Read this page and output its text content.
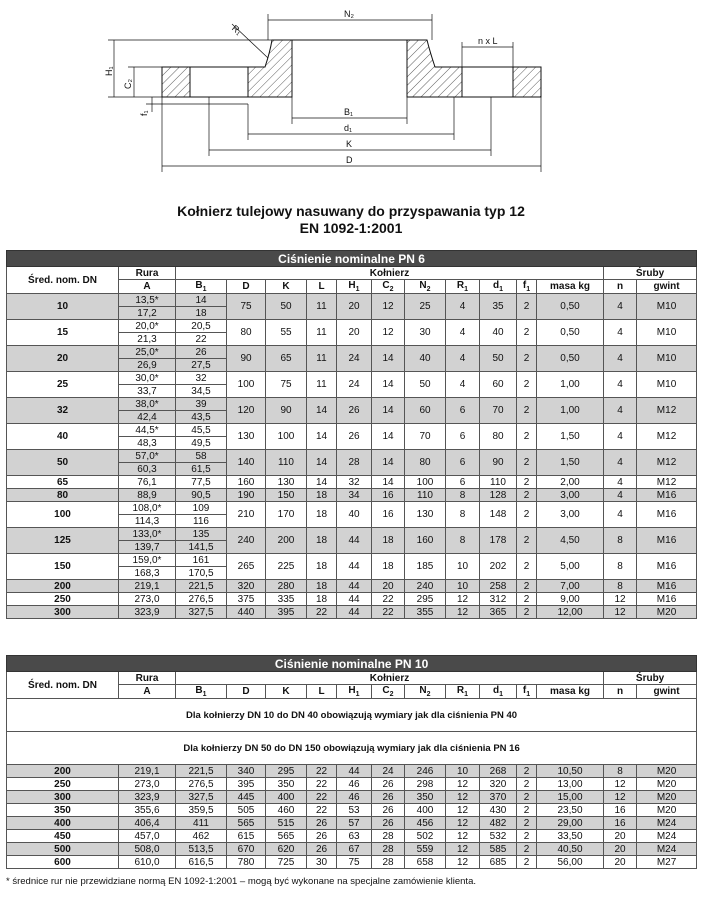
N₂
n x L
R₁
H₁
C₂
f₁	B₁
d₁
K
D
Kołnierz tulejowy nasuwany do przyspawania typ 12
EN 1092-1:2001
Ciśnienie nominalne PN 6														
Śred. nom. DN	Rura	Kołnierz											Śruby	
	A	$B_1$	D	K	L	$H_1$	$C_2$	$N_2$	$R_1$	$d_1$	$f_1$	masa kg	n	gwint
10	13,5*	14	75	50	11	20	12	25	4	35	2	0,50	4	M10
	17,2	18												
15	20,0*	20,5	80	55	11	20	12	30	4	40	2	0,50	4	M10
	21,3	22												
20	25,0*	26	90	65	11	24	14	40	4	50	2	0,50	4	M10
	26,9	27,5												
25	30,0*	32	100	75	11	24	14	50	4	60	2	1,00	4	M10
	33,7	34,5												
32	38,0*	39	120	90	14	26	14	60	6	70	2	1,00	4	M12
	42,4	43,5												
40	44,5*	45,5	130	100	14	26	14	70	6	80	2	1,50	4	M12
	48,3	49,5												
50	57,0*	58	140	110	14	28	14	80	6	90	2	1,50	4	M12
	60,3	61,5												
65	76,1	77,5	160	130	14	32	14	100	6	110	2	2,00	4	M12
80	88,9	90,5	190	150	18	34	16	110	8	128	2	3,00	4	M16
100	108,0*	109	210	170	18	40	16	130	8	148	2	3,00	4	M16
	114,3	116												
125	133,0*	135	240	200	18	44	18	160	8	178	2	4,50	8	M16
	139,7	141,5												
150	159,0*	161	265	225	18	44	18	185	10	202	2	5,00	8	M16
	168,3	170,5												
200	219,1	221,5	320	280	18	44	20	240	10	258	2	7,00	8	M16
250	273,0	276,5	375	335	18	44	22	295	12	312	2	9,00	12	M16
300	323,9	327,5	440	395	22	44	22	355	12	365	2	12,00	12	M20
Ciśnienie nominalne PN 10														
Śred. nom. DN	Rura	Kołnierz											Śruby	
	A	$B_1$	D	K	L	$H_1$	$C_2$	$N_2$	$R_1$	$d_1$	$f_1$	masa kg	n	gwint
Dla kołnierzy DN 10 do DN 40 obowiązują wymiary jak dla ciśnienia PN 40														
Dla kołnierzy DN 50 do DN 150 obowiązują wymiary jak dla ciśnienia PN 16														
200	219,1	221,5	340	295	22	44	24	246	10	268	2	10,50	8	M20
250	273,0	276,5	395	350	22	46	26	298	12	320	2	13,00	12	M20
300	323,9	327,5	445	400	22	46	26	350	12	370	2	15,00	12	M20
350	355,6	359,5	505	460	22	53	26	400	12	430	2	23,50	16	M20
400	406,4	411	565	515	26	57	26	456	12	482	2	29,00	16	M24
450	457,0	462	615	565	26	63	28	502	12	532	2	33,50	20	M24
500	508,0	513,5	670	620	26	67	28	559	12	585	2	40,50	20	M24
600	610,0	616,5	780	725	30	75	28	658	12	685	2	56,00	20	M27
* średnice rur nie przewidziane normą EN 1092-1:2001 – mogą być wykonane na specjalne zamówienie klienta.
